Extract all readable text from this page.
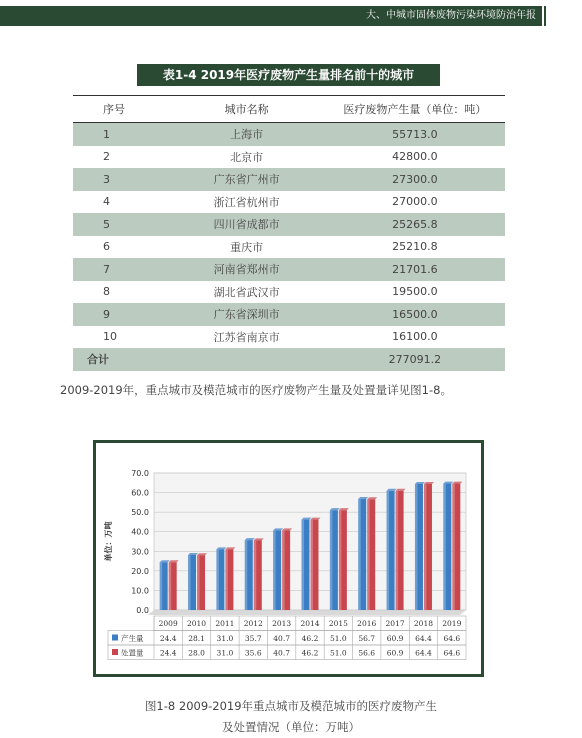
大、中城市固体废物污染环境防治年报
表1-4 2019年医疗废物产生量排名前十的城市
序号	城市名称	医疗废物产生量（单位：吨）
1	上海市	55713.0
2	北京市	42800.0
3	广东省广州市	27300.0
4	浙江省杭州市	27000.0
5	四川省成都市	25265.8
6	重庆市	25210.8
7	河南省郑州市	21701.6
8	湖北省武汉市	19500.0
9	广东省深圳市	16500.0
10	江苏省南京市	16100.0
合计		277091.2
2009-2019年，重点城市及模范城市的医疗废物产生量及处置量详见图1-8。
0.0
10.0
20.0
30.0
40.0
50.0
60.0
70.0
单位：万吨
2009 2010 2011 2012 2013 2014 2015 2016 2017 2018 2019
产生量 24.4 28.1 31.0 35.7 40.7 46.2 51.0 56.7 60.9 64.4 64.6
处置量 24.4 28.0 31.0 35.6 40.7 46.2 51.0 56.6 60.9 64.4 64.6
图1-8 2009-2019年重点城市及模范城市的医疗废物产生
及处置情况（单位：万吨）
